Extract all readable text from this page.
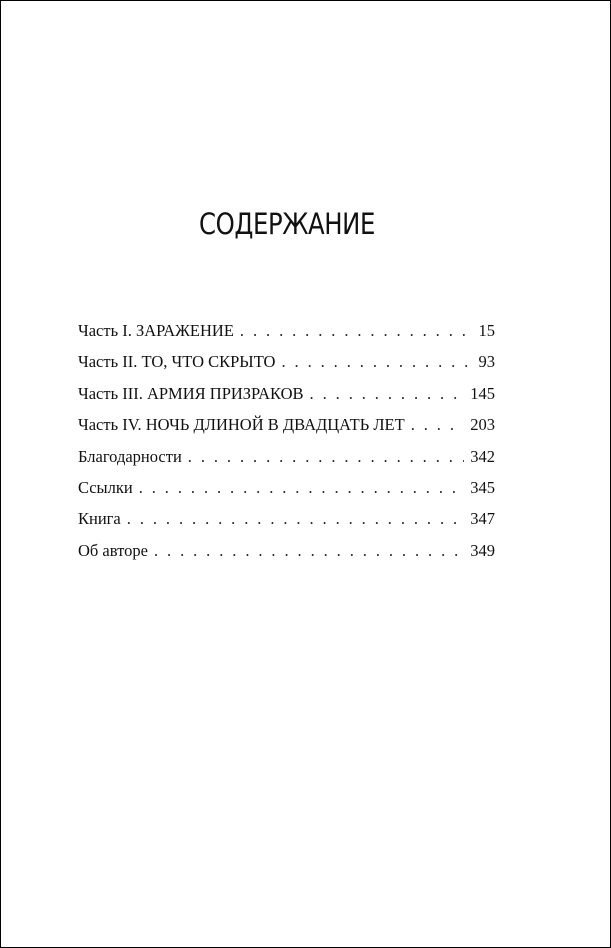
СОДЕРЖАНИЕ
Часть I. ЗАРАЖЕНИЕ . . .	15
Часть II. ТО, ЧТО СКРЫТО . . .	93
Часть III. АРМИЯ ПРИЗРАКОВ . . .	145
Часть IV. НОЧЬ ДЛИНОЙ В ДВАДЦАТЬ ЛЕТ . . .	203
Благодарности . . .	342
Ссылки . . .	345
Книга . . .	347
Об авторе . . .	349
